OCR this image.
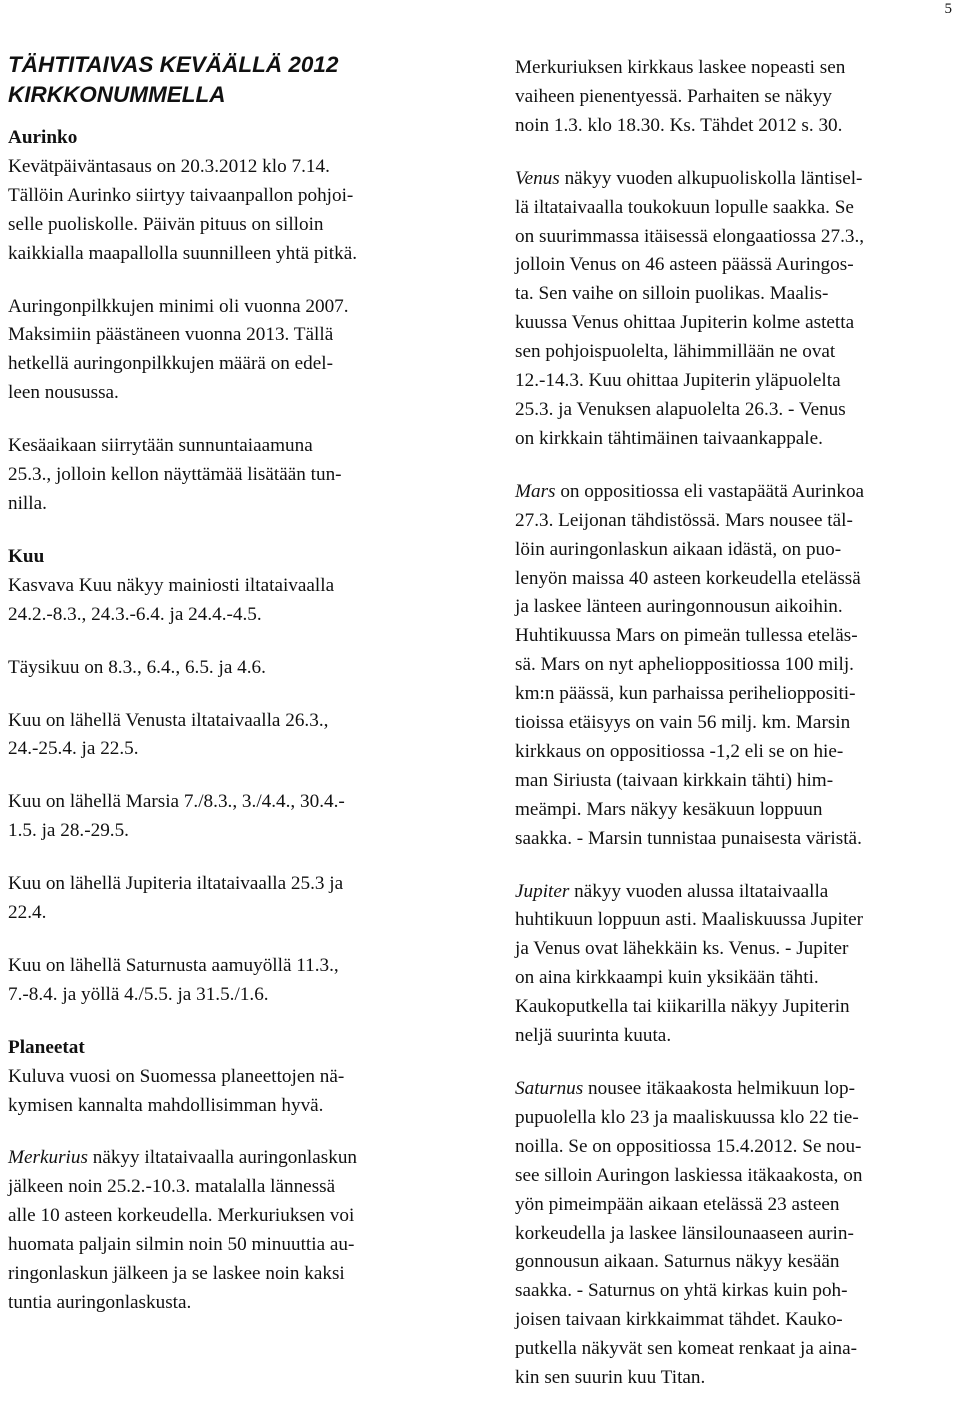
5
TÄHTITAIVAS KEVÄÄLLÄ 2012
KIRKKONUMMELLA
Aurinko
Kevätpäiväntasaus on 20.3.2012 klo 7.14.
Tällöin Aurinko siirtyy taivaanpallon pohjoi-
selle puoliskolle. Päivän pituus on silloin
kaikkialla maapallolla suunnilleen yhtä pitkä.
Auringonpilkkujen minimi oli vuonna 2007.
Maksimiin päästäneen vuonna 2013. Tällä
hetkellä auringonpilkkujen määrä on edel-
leen nousussa.
Kesäaikaan siirrytään sunnuntaiaamuna
25.3., jolloin kellon näyttämää lisätään tun-
nilla.
Kuu
Kasvava Kuu näkyy mainiosti iltataivaalla
24.2.-8.3., 24.3.-6.4. ja 24.4.-4.5.
Täysikuu on 8.3., 6.4., 6.5. ja 4.6.
Kuu on lähellä Venusta iltataivaalla 26.3.,
24.-25.4. ja 22.5.
Kuu on lähellä Marsia 7./8.3., 3./4.4., 30.4.-
1.5. ja 28.-29.5.
Kuu on lähellä Jupiteria iltataivaalla 25.3 ja
22.4.
Kuu on lähellä Saturnusta aamuyöllä 11.3.,
7.-8.4. ja yöllä 4./5.5. ja 31.5./1.6.
Planeetat
Kuluva vuosi on Suomessa planeettojen nä-
kymisen kannalta mahdollisimman hyvä.
Merkurius näkyy iltataivaalla auringonlaskun
jälkeen noin 25.2.-10.3. matalalla lännessä
alle 10 asteen korkeudella. Merkuriuksen voi
huomata paljain silmin noin 50 minuuttia au-
ringonlaskun jälkeen ja se laskee noin kaksi
tuntia auringonlaskusta.
Merkuriuksen kirkkaus laskee nopeasti sen
vaiheen pienentyessä. Parhaiten se näkyy
noin 1.3. klo 18.30. Ks. Tähdet 2012 s. 30.
Venus näkyy vuoden alkupuoliskolla läntisel-
lä iltataivaalla toukokuun lopulle saakka. Se
on suurimmassa itäisessä elongaatiossa 27.3.,
jolloin Venus on 46 asteen päässä Auringos-
ta. Sen vaihe on silloin puolikas. Maalis-
kuussa Venus ohittaa Jupiterin kolme astetta
sen pohjoispuolelta, lähimmillään ne ovat
12.-14.3. Kuu ohittaa Jupiterin yläpuolelta
25.3. ja Venuksen alapuolelta 26.3. - Venus
on kirkkain tähtimäinen taivaankappale.
Mars on oppositiossa eli vastapäätä Aurinkoa
27.3. Leijonan tähdistössä. Mars nousee täl-
löin auringonlaskun aikaan idästä, on puo-
lenyön maissa 40 asteen korkeudella etelässä
ja laskee länteen auringonnousun aikoihin.
Huhtikuussa Mars on pimeän tullessa eteläs-
sä. Mars on nyt aphelioppositiossa 100 milj.
km:n päässä, kun parhaissa perihelioppositi-
tioissa etäisyys on vain 56 milj. km. Marsin
kirkkaus on oppositiossa -1,2 eli se on hie-
man Siriusta (taivaan kirkkain tähti) him-
meämpi. Mars näkyy kesäkuun loppuun
saakka. - Marsin tunnistaa punaisesta väristä.
Jupiter näkyy vuoden alussa iltataivaalla
huhtikuun loppuun asti. Maaliskuussa Jupiter
ja Venus ovat lähekkäin ks. Venus. - Jupiter
on aina kirkkaampi kuin yksikään tähti.
Kaukoputkella tai kiikarilla näkyy Jupiterin
neljä suurinta kuuta.
Saturnus nousee itäkaakosta helmikuun lop-
pupuolella klo 23 ja maaliskuussa klo 22 tie-
noilla. Se on oppositiossa 15.4.2012. Se nou-
see silloin Auringon laskiessa itäkaakosta, on
yön pimeimpään aikaan etelässä 23 asteen
korkeudella ja laskee länsilounaaseen aurin-
gonnousun aikaan. Saturnus näkyy kesään
saakka. - Saturnus on yhtä kirkas kuin poh-
joisen taivaan kirkkaimmat tähdet. Kauko-
putkella näkyvät sen komeat renkaat ja aina-
kin sen suurin kuu Titan.
